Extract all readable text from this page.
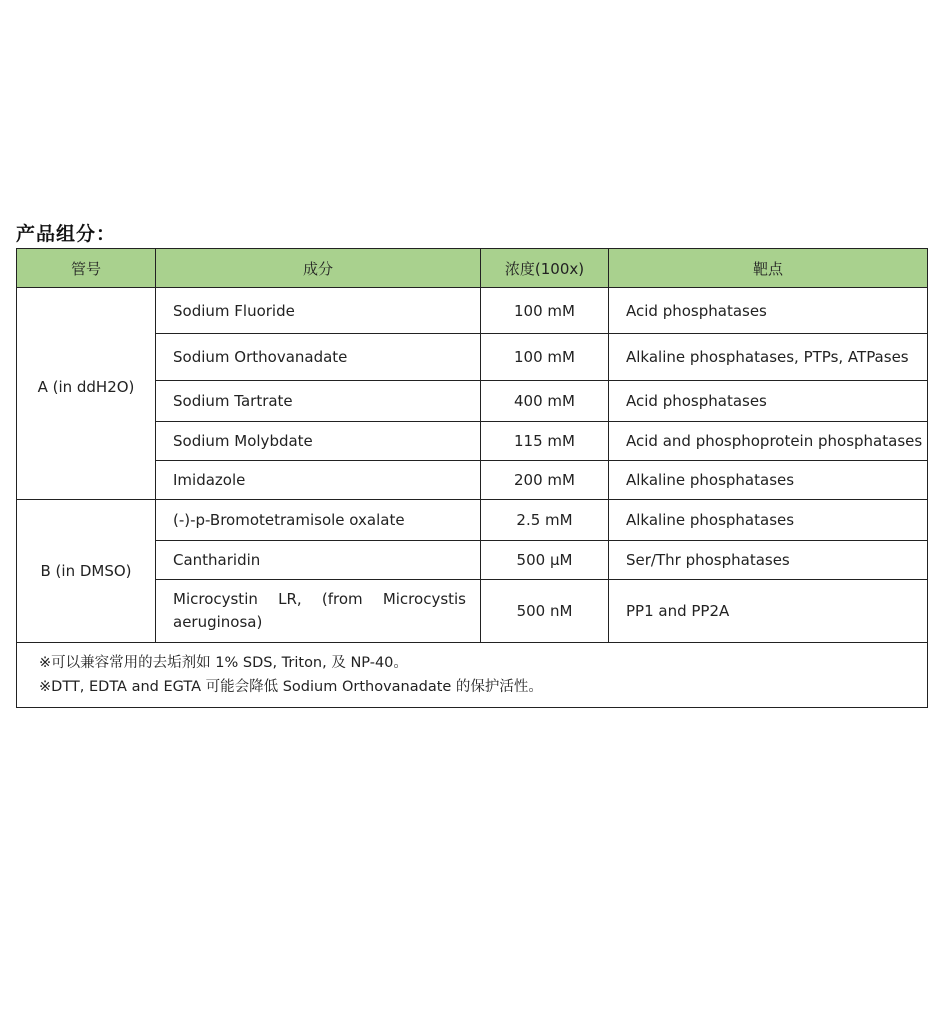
产品组分：
管号	成分	浓度(100x)	靶点
A (in ddH2O)	Sodium Fluoride	100 mM	Acid phosphatases
	Sodium Orthovanadate	100 mM	Alkaline phosphatases, PTPs, ATPases
	Sodium Tartrate	400 mM	Acid phosphatases
	Sodium Molybdate	115 mM	Acid and phosphoprotein phosphatases
	Imidazole	200 mM	Alkaline phosphatases
B (in DMSO)	(-)-p-Bromotetramisole oxalate	2.5 mM	Alkaline phosphatases
	Cantharidin	500 µM	Ser/Thr phosphatases
	Microcystin LR, (from Microcystis aeruginosa)	500 nM	PP1 and PP2A

※可以兼容常用的去垢剂如 1% SDS, Triton, 及 NP-40。
※DTT, EDTA and EGTA 可能会降低 Sodium Orthovanadate 的保护活性。			
